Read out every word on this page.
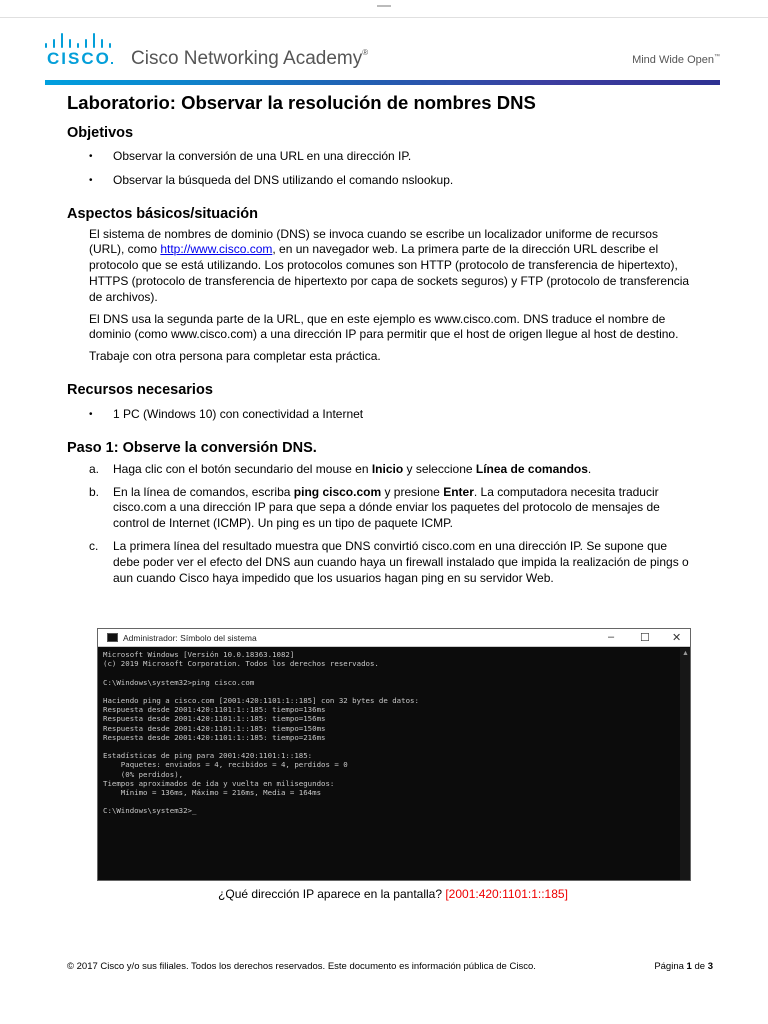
CISCO Cisco Networking Academy®
Mind Wide Open™
Laboratorio: Observar la resolución de nombres DNS
Objetivos
• Observar la conversión de una URL en una dirección IP.
• Observar la búsqueda del DNS utilizando el comando nslookup.
Aspectos básicos/situación

El sistema de nombres de dominio (DNS) se invoca cuando se escribe un localizador uniforme de recursos (URL), como http://www.cisco.com, en un navegador web. La primera parte de la dirección URL describe el protocolo que se está utilizando. Los protocolos comunes son HTTP (protocolo de transferencia de hipertexto), HTTPS (protocolo de transferencia de hipertexto por capa de sockets seguros) y FTP (protocolo de transferencia de archivos).

El DNS usa la segunda parte de la URL, que en este ejemplo es www.cisco.com. DNS traduce el nombre de dominio (como www.cisco.com) a una dirección IP para permitir que el host de origen llegue al host de destino.

Trabaje con otra persona para completar esta práctica.

Recursos necesarios
• 1 PC (Windows 10) con conectividad a Internet
Paso 1: Observe la conversión DNS.
a. Haga clic con el botón secundario del mouse en Inicio y seleccione Línea de comandos.
b. En la línea de comandos, escriba ping cisco.com y presione Enter. La computadora necesita traducir cisco.com a una dirección IP para que sepa a dónde enviar los paquetes del protocolo de mensajes de control de Internet (ICMP). Un ping es un tipo de paquete ICMP.
c. La primera línea del resultado muestra que DNS convirtió cisco.com en una dirección IP. Se supone que debe poder ver el efecto del DNS aun cuando haya un firewall instalado que impida la realización de pings o aun cuando Cisco haya impedido que los usuarios hagan ping en su servidor Web.
Administrador: Símbolo del sistema	– ☐ ✕
Microsoft Windows [Versión 10.0.18363.1082]
(c) 2019 Microsoft Corporation. Todos los derechos reservados.

C:\Windows\system32>ping cisco.com

Haciendo ping a cisco.com [2001:420:1101:1::185] con 32 bytes de datos:
Respuesta desde 2001:420:1101:1::185: tiempo=136ms
Respuesta desde 2001:420:1101:1::185: tiempo=156ms
Respuesta desde 2001:420:1101:1::185: tiempo=150ms
Respuesta desde 2001:420:1101:1::185: tiempo=216ms

Estadísticas de ping para 2001:420:1101:1::185:
Paquetes: enviados = 4, recibidos = 4, perdidos = 0
(0% perdidos),
Tiempos aproximados de ida y vuelta en milisegundos:
Mínimo = 136ms, Máximo = 216ms, Media = 164ms

C:\Windows\system32>_
▲
¿Qué dirección IP aparece en la pantalla? [2001:420:1101:1::185]
© 2017 Cisco y/o sus filiales. Todos los derechos reservados. Este documento es información pública de Cisco.	Página 1 de 3
